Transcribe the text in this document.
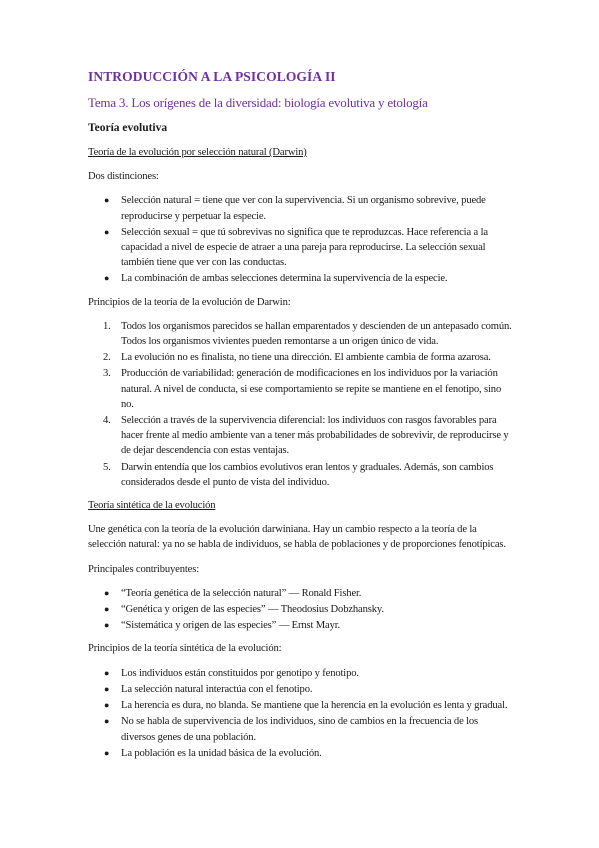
INTRODUCCIÓN A LA PSICOLOGÍA II
Tema 3. Los orígenes de la diversidad: biología evolutiva y etología
Teoría evolutiva

Teoría de la evolución por selección natural (Darwin)

Dos distinciones:

● Selección natural = tiene que ver con la supervivencia. Si un organismo sobrevive, puede reproducirse y perpetuar la especie.
● Selección sexual = que tú sobrevivas no significa que te reproduzcas. Hace referencia a la capacidad a nivel de especie de atraer a una pareja para reproducirse. La selección sexual también tiene que ver con las conductas.
● La combinación de ambas selecciones determina la supervivencia de la especie.

Principios de la teoría de la evolución de Darwin:

1. Todos los organismos parecidos se hallan emparentados y descienden de un antepasado común. Todos los organismos vivientes pueden remontarse a un origen único de vida.
2. La evolución no es finalista, no tiene una dirección. El ambiente cambia de forma azarosa.
3. Producción de variabilidad: generación de modificaciones en los individuos por la variación natural. A nivel de conducta, si ese comportamiento se repite se mantiene en el fenotipo, sino no.
4. Selección a través de la supervivencia diferencial: los individuos con rasgos favorables para hacer frente al medio ambiente van a tener más probabilidades de sobrevivir, de reproducirse y de dejar descendencia con estas ventajas.
5. Darwin entendía que los cambios evolutivos eran lentos y graduales. Además, son cambios considerados desde el punto de vista del individuo.

Teoría sintética de la evolución

Une genética con la teoría de la evolución darwiniana. Hay un cambio respecto a la teoría de la selección natural: ya no se habla de individuos, se habla de poblaciones y de proporciones fenotípicas.

Principales contribuyentes:

● “Teoría genética de la selección natural” — Ronald Fisher.
● “Genética y origen de las especies” — Theodosius Dobzhansky.
● “Sistemática y origen de las especies” — Ernst Mayr.

Principios de la teoría sintética de la evolución:

● Los individuos están constituidos por genotipo y fenotipo.
● La selección natural interactúa con el fenotipo.
● La herencia es dura, no blanda. Se mantiene que la herencia en la evolución es lenta y gradual.
● No se habla de supervivencia de los individuos, sino de cambios en la frecuencia de los diversos genes de una población.
● La población es la unidad básica de la evolución.
